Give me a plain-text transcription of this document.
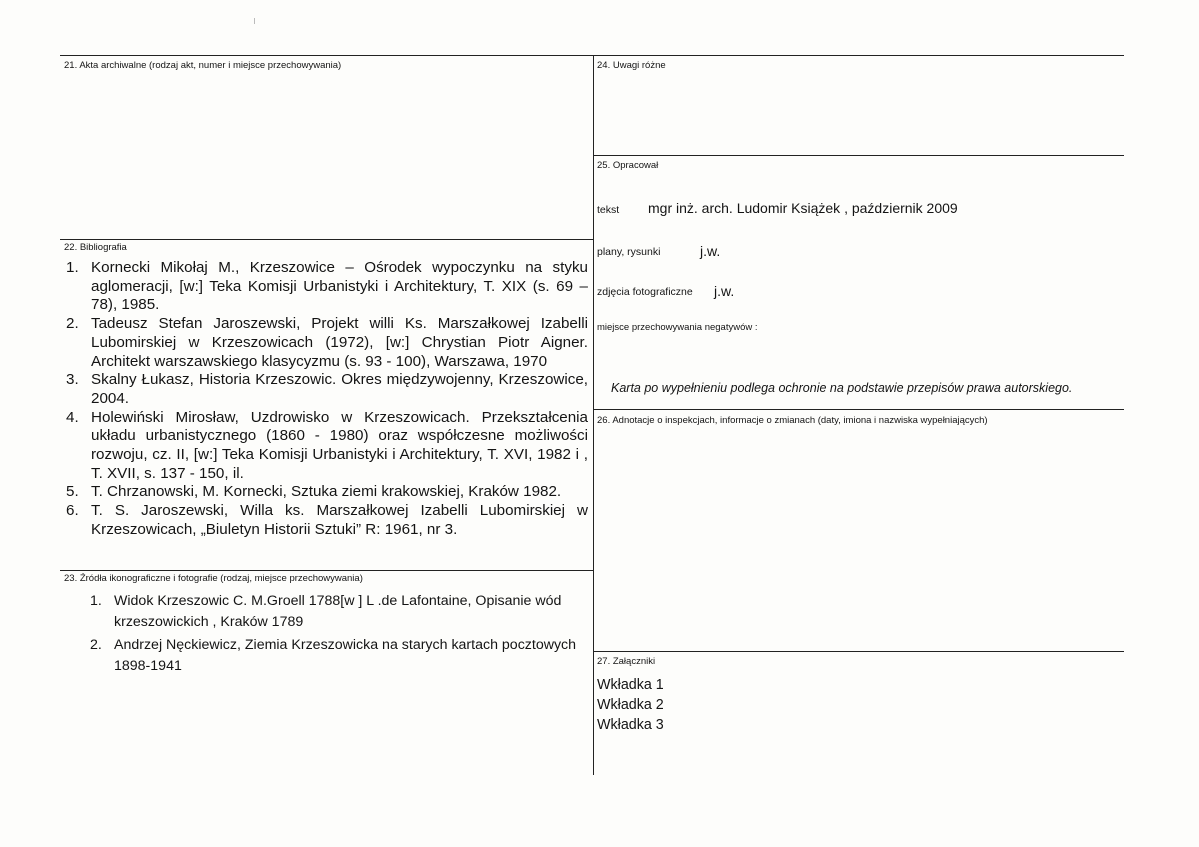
21. Akta archiwalne (rodzaj akt, numer i miejsce przechowywania)
22. Bibliografia
1. Kornecki Mikołaj M., Krzeszowice – Ośrodek wypoczynku na styku aglomeracji, [w:] Teka Komisji Urbanistyki i Architektury, T. XIX (s. 69 – 78), 1985.
2. Tadeusz Stefan Jaroszewski, Projekt willi Ks. Marszałkowej Izabelli Lubomirskiej w Krzeszowicach (1972), [w:] Chrystian Piotr Aigner. Architekt warszawskiego klasycyzmu (s. 93 - 100), Warszawa, 1970
3. Skalny Łukasz, Historia Krzeszowic. Okres międzywojenny, Krzeszowice, 2004.
4. Holewiński Mirosław, Uzdrowisko w Krzeszowicach. Przekształcenia układu urbanistycznego (1860 - 1980) oraz współczesne możliwości rozwoju, cz. II, [w:] Teka Komisji Urbanistyki i Architektury, T. XVI, 1982 i , T. XVII, s. 137 - 150, il.
5. T. Chrzanowski, M. Kornecki, Sztuka ziemi krakowskiej, Kraków 1982.
6. T. S. Jaroszewski, Willa ks. Marszałkowej Izabelli Lubomirskiej w Krzeszowicach, „Biuletyn Historii Sztuki” R: 1961, nr 3.
23. Źródła ikonograficzne i fotografie (rodzaj, miejsce przechowywania)
1. Widok Krzeszowic C. M.Groell 1788[w ] L .de Lafontaine, Opisanie wód krzeszowickich , Kraków 1789
2. Andrzej Nęckiewicz, Ziemia Krzeszowicka na starych kartach pocztowych 1898-1941
24. Uwagi różne
25. Opracował
tekst mgr inż. arch. Ludomir Książek , październik 2009
plany, rysunki	j.w.
zdjęcia fotograficzne j.w.
miejsce przechowywania negatywów :
Karta po wypełnieniu podlega ochronie na podstawie przepisów prawa autorskiego.
26. Adnotacje o inspekcjach, informacje o zmianach (daty, imiona i nazwiska wypełniających)
27. Załączniki
Wkładka 1
Wkładka 2
Wkładka 3
